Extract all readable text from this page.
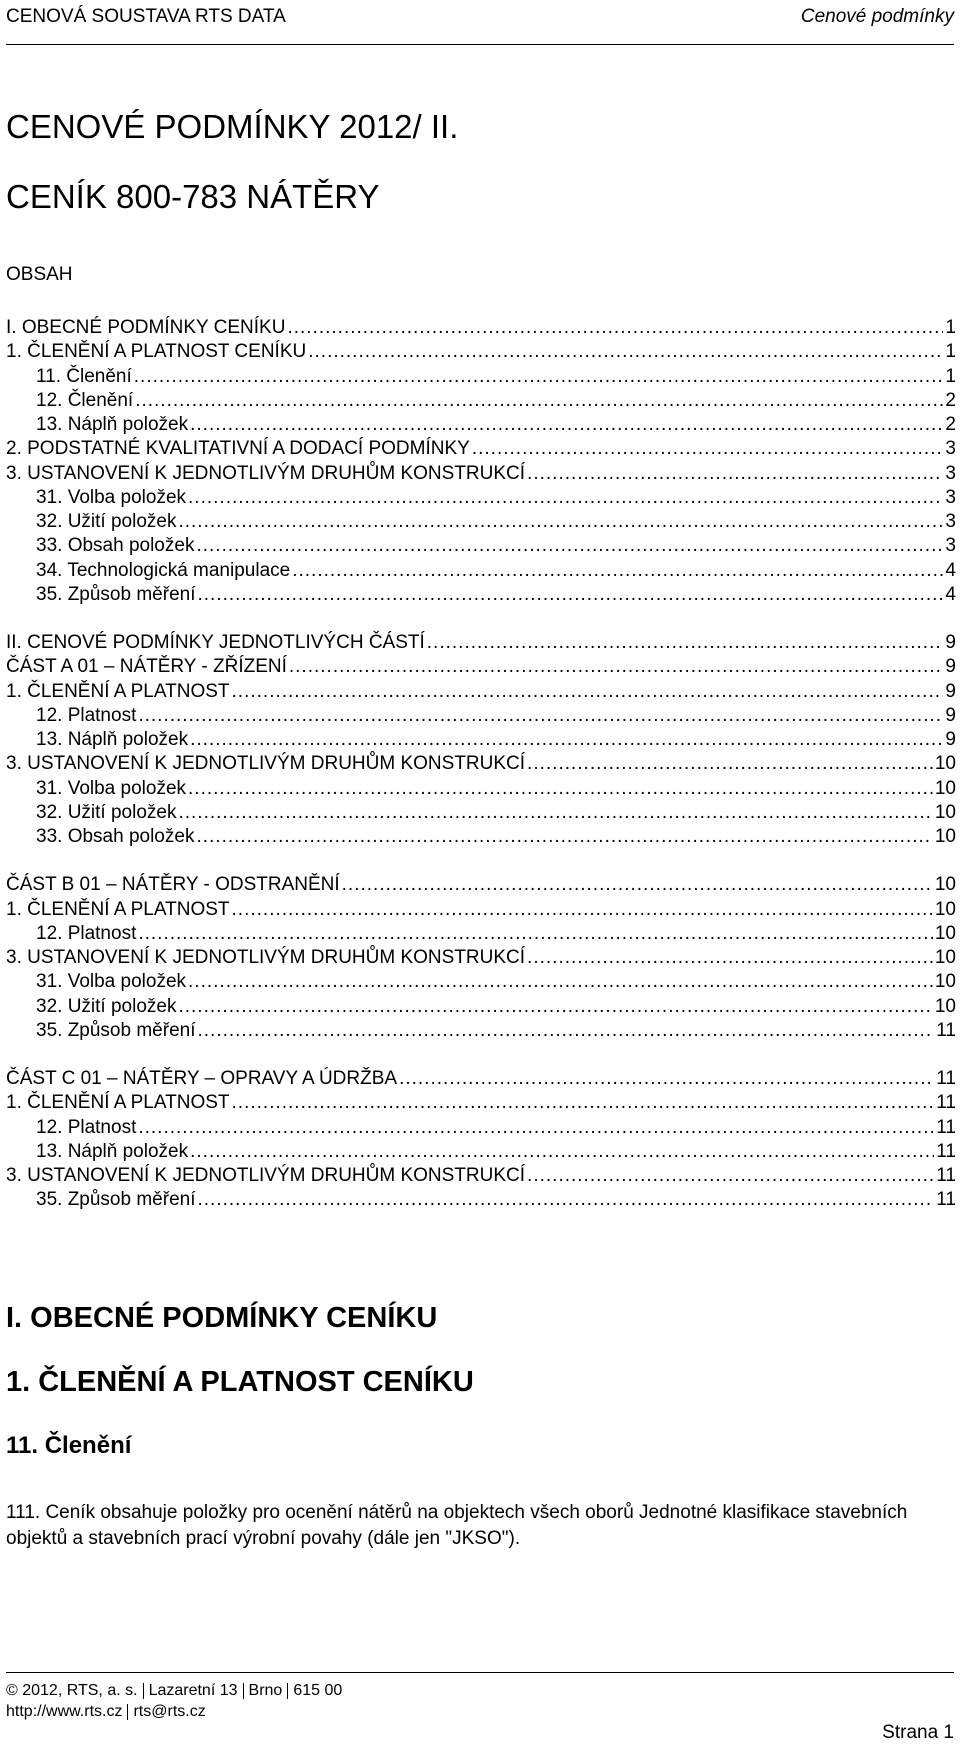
CENOVÁ SOUSTAVA RTS DATA	Cenové podmínky
CENOVÉ PODMÍNKY 2012/ II.
CENÍK 800-783 NÁTĚRY
OBSAH
I. OBECNÉ PODMÍNKY CENÍKU .....	1
1. ČLENĚNÍ A PLATNOST CENÍKU .....	1
11. Členění .....	1
12. Členění .....	2
13. Náplň položek .....	2
2. PODSTATNÉ KVALITATIVNÍ A DODACÍ PODMÍNKY .....	3
3. USTANOVENÍ K JEDNOTLIVÝM DRUHŮM KONSTRUKCÍ .....	3
31. Volba položek .....	3
32. Užití položek .....	3
33. Obsah položek .....	3
34. Technologická manipulace .....	4
35. Způsob měření .....	4
II. CENOVÉ PODMÍNKY JEDNOTLIVÝCH ČÁSTÍ .....	9
ČÁST A 01 – NÁTĚRY - ZŘÍZENÍ .....	9
1. ČLENĚNÍ A PLATNOST .....	9
12. Platnost .....	9
13. Náplň položek .....	9
3. USTANOVENÍ K JEDNOTLIVÝM DRUHŮM KONSTRUKCÍ .....	10
31. Volba položek .....	10
32. Užití položek .....	10
33. Obsah položek .....	10
ČÁST B 01 – NÁTĚRY - ODSTRANĚNÍ .....	10
1. ČLENĚNÍ A PLATNOST .....	10
12. Platnost .....	10
3. USTANOVENÍ K JEDNOTLIVÝM DRUHŮM KONSTRUKCÍ .....	10
31. Volba položek .....	10
32. Užití položek .....	10
35. Způsob měření .....	11
ČÁST C 01 – NÁTĚRY – OPRAVY A ÚDRŽBA .....	11
1. ČLENĚNÍ A PLATNOST .....	11
12. Platnost .....	11
13. Náplň položek .....	11
3. USTANOVENÍ K JEDNOTLIVÝM DRUHŮM KONSTRUKCÍ .....	11
35. Způsob měření .....	11
I. OBECNÉ PODMÍNKY CENÍKU
1. ČLENĚNÍ A PLATNOST CENÍKU
11. Členění

111. Ceník obsahuje položky pro ocenění nátěrů na objektech všech oborů Jednotné klasifikace stavebních objektů a stavebních prací výrobní povahy (dále jen "JKSO").

© 2012, RTS, a. s. Lazaretní 13 Brno 615 00
http://www.rts.cz rts@rts.cz
Strana 1
